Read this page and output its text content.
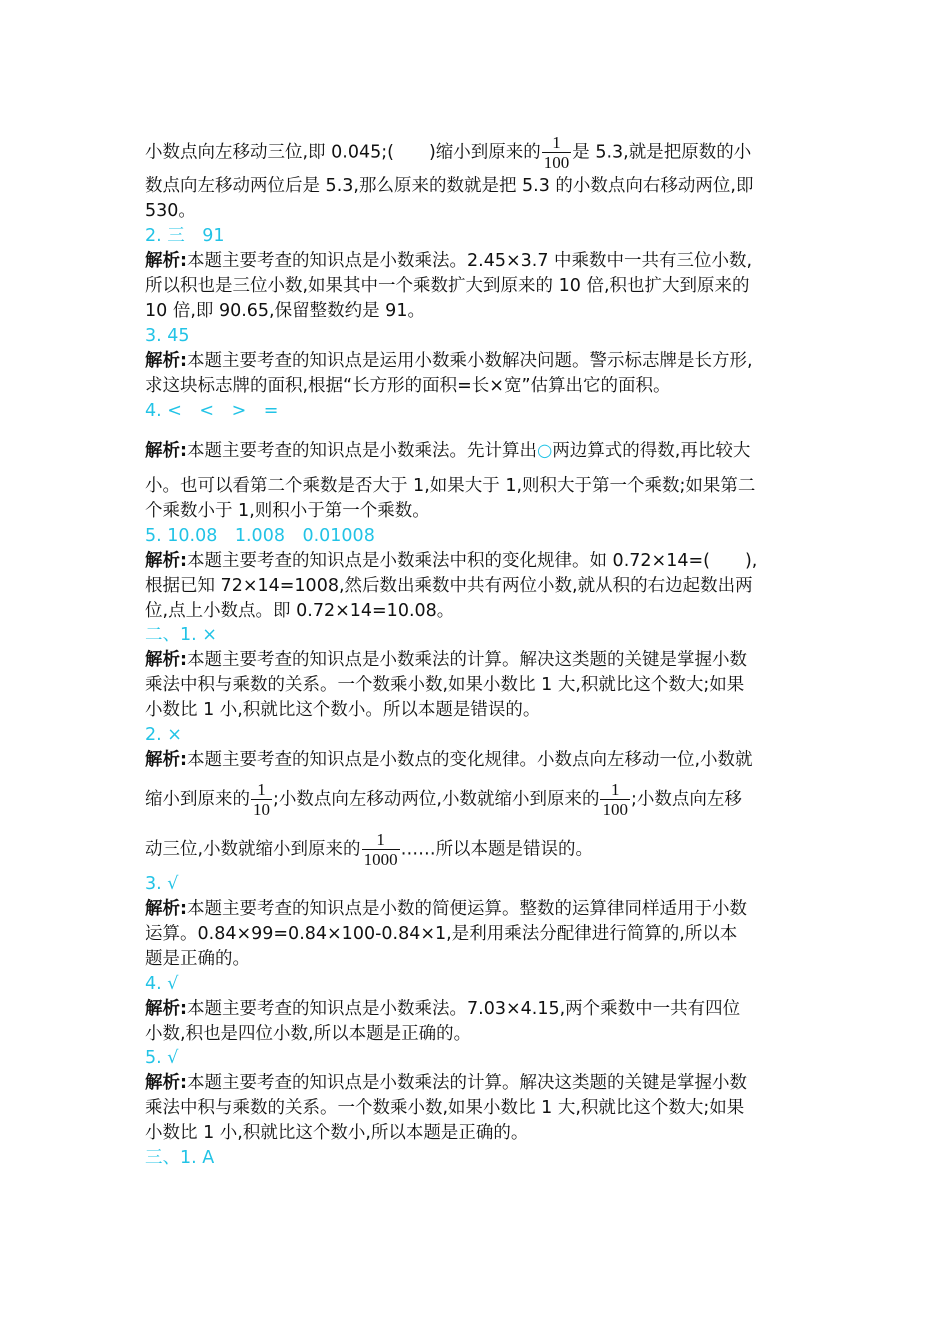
小数点向左移动三位,即 0.045;(　　)缩小到原来的 $\frac{1}{100}$ 是 5.3,就是把原数的小
数点向左移动两位后是 5.3,那么原来的数就是把 5.3 的小数点向右移动两位,即
530。
2. 三　91
解析:本题主要考查的知识点是小数乘法。2.45×3.7 中乘数中一共有三位小数,
所以积也是三位小数,如果其中一个乘数扩大到原来的 10 倍,积也扩大到原来的
10 倍,即 90.65,保留整数约是 91。
3. 45
解析:本题主要考查的知识点是运用小数乘小数解决问题。警示标志牌是长方形,
求这块标志牌的面积,根据“长方形的面积=长×宽”估算出它的面积。
4. <　<　>　=
解析:本题主要考查的知识点是小数乘法。先计算出○两边算式的得数,再比较大
小。也可以看第二个乘数是否大于 1,如果大于 1,则积大于第一个乘数;如果第二
个乘数小于 1,则积小于第一个乘数。
5. 10.08　1.008　0.01008
解析:本题主要考查的知识点是小数乘法中积的变化规律。如 0.72×14=(　　),
根据已知 72×14=1008,然后数出乘数中共有两位小数,就从积的右边起数出两
位,点上小数点。即 0.72×14=10.08。
二、1. ×
解析:本题主要考查的知识点是小数乘法的计算。解决这类题的关键是掌握小数
乘法中积与乘数的关系。一个数乘小数,如果小数比 1 大,积就比这个数大;如果
小数比 1 小,积就比这个数小。所以本题是错误的。
2. ×
解析:本题主要考查的知识点是小数点的变化规律。小数点向左移动一位,小数就
缩小到原来的 $\frac{1}{10}$ ;小数点向左移动两位,小数就缩小到原来的 $\frac{1}{100}$ ;小数点向左移
动三位,小数就缩小到原来的 $\frac{1}{1000}$ ……所以本题是错误的。
3. √
解析:本题主要考查的知识点是小数的简便运算。整数的运算律同样适用于小数
运算。0.84×99=0.84×100-0.84×1,是利用乘法分配律进行简算的,所以本
题是正确的。
4. √
解析:本题主要考查的知识点是小数乘法。7.03×4.15,两个乘数中一共有四位
小数,积也是四位小数,所以本题是正确的。
5. √
解析:本题主要考查的知识点是小数乘法的计算。解决这类题的关键是掌握小数
乘法中积与乘数的关系。一个数乘小数,如果小数比 1 大,积就比这个数大;如果
小数比 1 小,积就比这个数小,所以本题是正确的。
三、1. A
